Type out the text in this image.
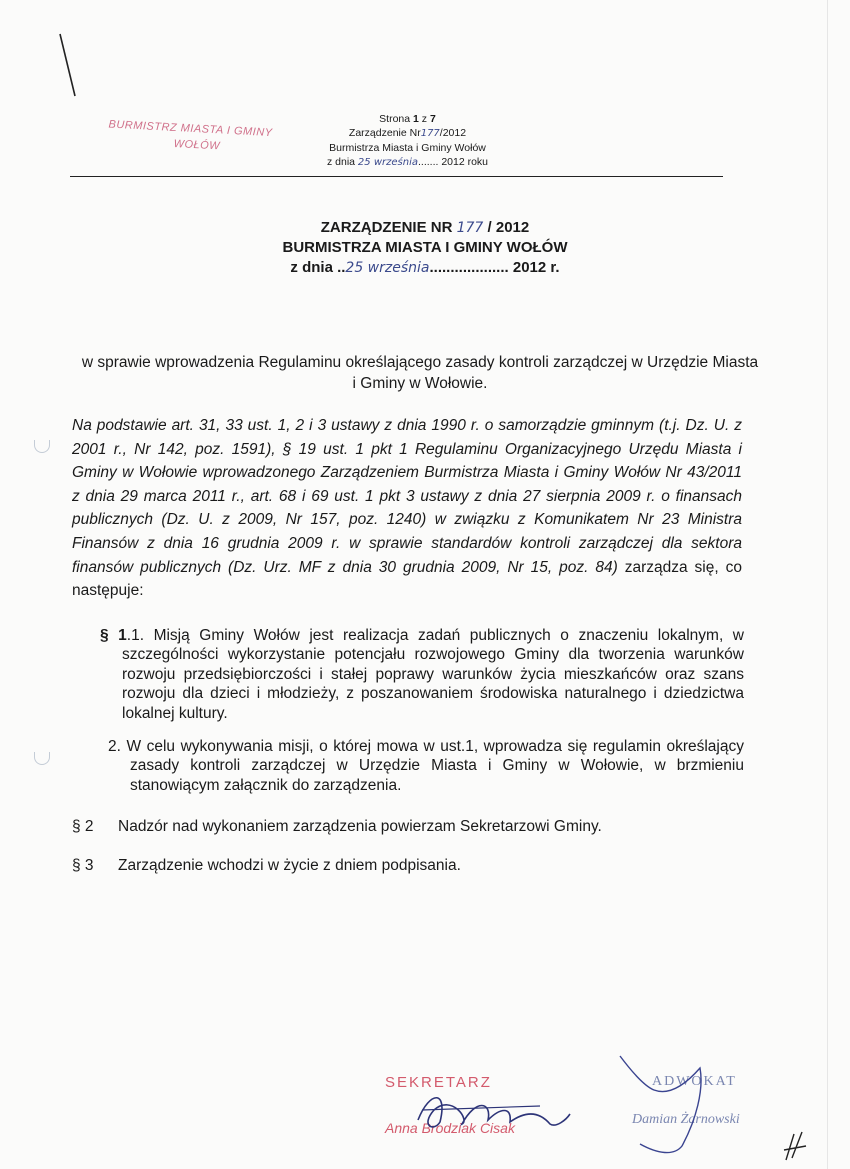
BURMISTRZ MIASTA I GMINY
WOŁÓW
Strona 1 z 7
Zarządzenie Nr177/2012
Burmistrza Miasta i Gminy Wołów
z dnia 25 września....... 2012 roku
ZARZĄDZENIE NR 177 / 2012
BURMISTRZA MIASTA I GMINY WOŁÓW
z dnia ..25 września................... 2012 r.
w sprawie wprowadzenia Regulaminu określającego zasady kontroli zarządczej w Urzędzie Miasta i Gminy w Wołowie.
Na podstawie art. 31, 33 ust. 1, 2 i 3 ustawy z dnia 1990 r. o samorządzie gminnym (t.j. Dz. U. z 2001 r., Nr 142, poz. 1591), § 19 ust. 1 pkt 1 Regulaminu Organizacyjnego Urzędu Miasta i Gminy w Wołowie wprowadzonego Zarządzeniem Burmistrza Miasta i Gminy Wołów Nr 43/2011 z dnia 29 marca 2011 r., art. 68 i 69 ust. 1 pkt 3 ustawy z dnia 27 sierpnia 2009 r. o finansach publicznych (Dz. U. z 2009, Nr 157, poz. 1240) w związku z Komunikatem Nr 23 Ministra Finansów z dnia 16 grudnia 2009 r. w sprawie standardów kontroli zarządczej dla sektora finansów publicznych (Dz. Urz. MF z dnia 30 grudnia 2009, Nr 15, poz. 84) zarządza się, co następuje:
§ 1.1. Misją Gminy Wołów jest realizacja zadań publicznych o znaczeniu lokalnym, w szczególności wykorzystanie potencjału rozwojowego Gminy dla tworzenia warunków rozwoju przedsiębiorczości i stałej poprawy warunków życia mieszkańców oraz szans rozwoju dla dzieci i młodzieży, z poszanowaniem środowiska naturalnego i dziedzictwa lokalnej kultury.
2. W celu wykonywania misji, o której mowa w ust.1, wprowadza się regulamin określający zasady kontroli zarządczej w Urzędzie Miasta i Gminy w Wołowie, w brzmieniu stanowiącym załącznik do zarządzenia.
§ 2 Nadzór nad wykonaniem zarządzenia powierzam Sekretarzowi Gminy.
§ 3 Zarządzenie wchodzi w życie z dniem podpisania.
SEKRETARZ
Anna Brodziak Cisak
ADWOKAT
Damian Żarnowski
